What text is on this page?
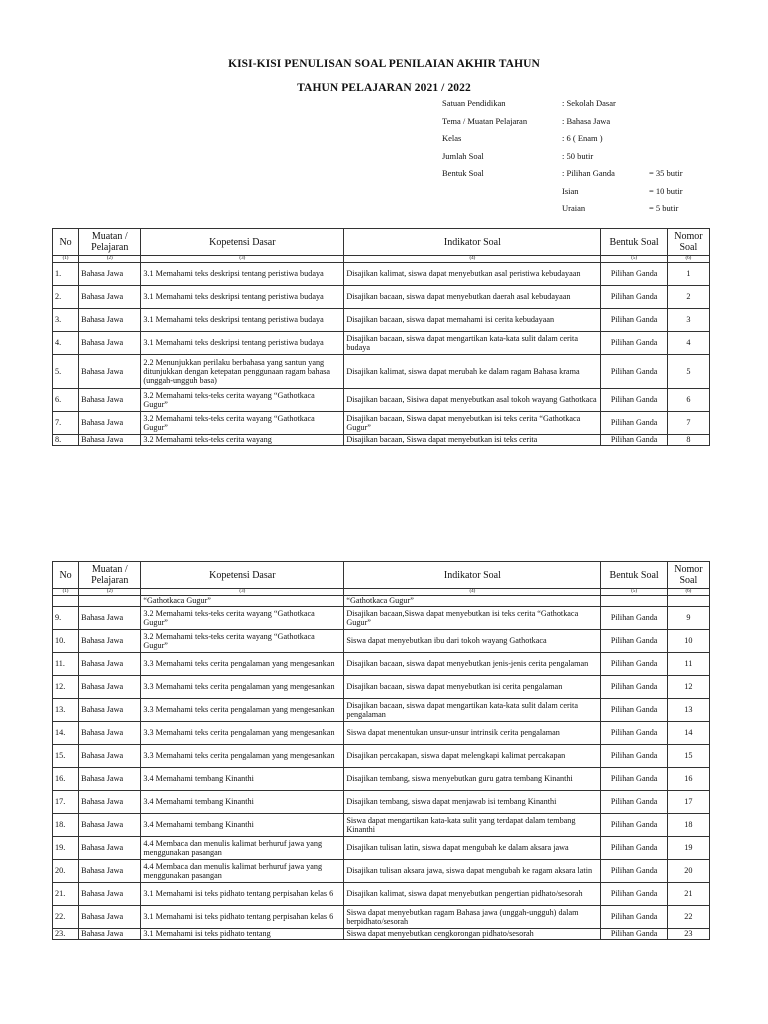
KISI-KISI PENULISAN SOAL PENILAIAN AKHIR TAHUN
TAHUN PELAJARAN 2021 / 2022
Satuan Pendidikan	: Sekolah Dasar
Tema / Muatan Pelajaran	: Bahasa Jawa
Kelas	: 6 ( Enam )
Jumlah Soal	: 50 butir
Bentuk Soal	: Pilihan Ganda	= 35 butir
Isian	= 10 butir
Uraian	= 5 butir
No	Muatan /
Pelajaran	Kopetensi Dasar	Indikator Soal	Bentuk Soal	Nomor
Soal
(1)	(2)	(3)	(4)	(5)	(6)
1.	Bahasa Jawa	3.1 Memahami teks deskripsi tentang peristiwa budaya	Disajikan kalimat, siswa dapat menyebutkan asal peristiwa kebudayaan	Pilihan Ganda	1
2.	Bahasa Jawa	3.1 Memahami teks deskripsi tentang peristiwa budaya	Disajikan bacaan, siswa dapat menyebutkan daerah asal kebudayaan	Pilihan Ganda	2
3.	Bahasa Jawa	3.1 Memahami teks deskripsi tentang peristiwa budaya	Disajikan bacaan, siswa dapat memahami isi cerita kebudayaan	Pilihan Ganda	3
4.	Bahasa Jawa	3.1 Memahami teks deskripsi tentang peristiwa budaya	Disajikan bacaan, siswa dapat mengartikan kata-kata sulit dalam cerita budaya	Pilihan Ganda	4
5.	Bahasa Jawa	2.2 Menunjukkan perilaku berbahasa yang santun yang ditunjukkan dengan ketepatan penggunaan ragam bahasa (unggah-ungguh basa)	Disajikan kalimat, siswa dapat merubah ke dalam ragam Bahasa krama	Pilihan Ganda	5
6.	Bahasa Jawa	3.2 Memahami teks-teks cerita wayang “Gathotkaca Gugur”	Disajikan bacaan, Sisiwa dapat menyebutkan asal tokoh wayang Gathotkaca	Pilihan Ganda	6
7.	Bahasa Jawa	3.2 Memahami teks-teks cerita wayang “Gathotkaca Gugur”	Disajikan bacaan, Siswa dapat menyebutkan isi teks cerita “Gathotkaca Gugur”	Pilihan Ganda	7
8.	Bahasa Jawa	3.2 Memahami teks-teks cerita wayang	Disajikan bacaan, Siswa dapat menyebutkan isi teks cerita	Pilihan Ganda	8
No	Muatan /
Pelajaran	Kopetensi Dasar	Indikator Soal	Bentuk Soal	Nomor
Soal
(1)	(2)	(3)	(4)	(5)	(6)
		“Gathotkaca Gugur”	“Gathotkaca Gugur”		
9.	Bahasa Jawa	3.2 Memahami teks-teks cerita wayang “Gathotkaca Gugur”	Disajikan bacaan,Siswa dapat menyebutkan isi teks cerita “Gathotkaca Gugur”	Pilihan Ganda	9
10.	Bahasa Jawa	3.2 Memahami teks-teks cerita wayang “Gathotkaca Gugur”	Siswa dapat menyebutkan ibu dari tokoh wayang Gathotkaca	Pilihan Ganda	10
11.	Bahasa Jawa	3.3 Memahami teks cerita pengalaman yang mengesankan	Disajikan bacaan, siswa dapat menyebutkan jenis-jenis cerita pengalaman	Pilihan Ganda	11
12.	Bahasa Jawa	3.3 Memahami teks cerita pengalaman yang mengesankan	Disajikan bacaan, siswa dapat menyebutkan isi cerita pengalaman	Pilihan Ganda	12
13.	Bahasa Jawa	3.3 Memahami teks cerita pengalaman yang mengesankan	Disajikan bacaan, siswa dapat mengartikan kata-kata sulit dalam cerita pengalaman	Pilihan Ganda	13
14.	Bahasa Jawa	3.3 Memahami teks cerita pengalaman yang mengesankan	Siswa dapat menentukan unsur-unsur intrinsik cerita pengalaman	Pilihan Ganda	14
15.	Bahasa Jawa	3.3 Memahami teks cerita pengalaman yang mengesankan	Disajikan percakapan, siswa dapat melengkapi kalimat percakapan	Pilihan Ganda	15
16.	Bahasa Jawa	3.4 Memahami tembang Kinanthi	Disajikan tembang, siswa menyebutkan guru gatra tembang Kinanthi	Pilihan Ganda	16
17.	Bahasa Jawa	3.4 Memahami tembang Kinanthi	Disajikan tembang, siswa dapat menjawab isi tembang Kinanthi	Pilihan Ganda	17
18.	Bahasa Jawa	3.4 Memahami tembang Kinanthi	Siswa dapat mengartikan kata-kata sulit yang terdapat dalam tembang Kinanthi	Pilihan Ganda	18
19.	Bahasa Jawa	4.4 Membaca dan menulis kalimat berhuruf jawa yang menggunakan pasangan	Disajikan tulisan latin, siswa dapat mengubah ke dalam aksara jawa	Pilihan Ganda	19
20.	Bahasa Jawa	4.4 Membaca dan menulis kalimat berhuruf jawa yang menggunakan pasangan	Disajikan tulisan aksara jawa, siswa dapat mengubah ke ragam aksara latin	Pilihan Ganda	20
21.	Bahasa Jawa	3.1 Memahami isi teks pidhato tentang perpisahan kelas 6	Disajikan kalimat, siswa dapat menyebutkan pengertian pidhato/sesorah	Pilihan Ganda	21
22.	Bahasa Jawa	3.1 Memahami isi teks pidhato tentang perpisahan kelas 6	Siswa dapat menyebutkan ragam Bahasa jawa (unggah-ungguh) dalam berpidhato/sesorah	Pilihan Ganda	22
23.	Bahasa Jawa	3.1 Memahami isi teks pidhato tentang	Siswa dapat menyebutkan cengkorongan pidhato/sesorah	Pilihan Ganda	23
